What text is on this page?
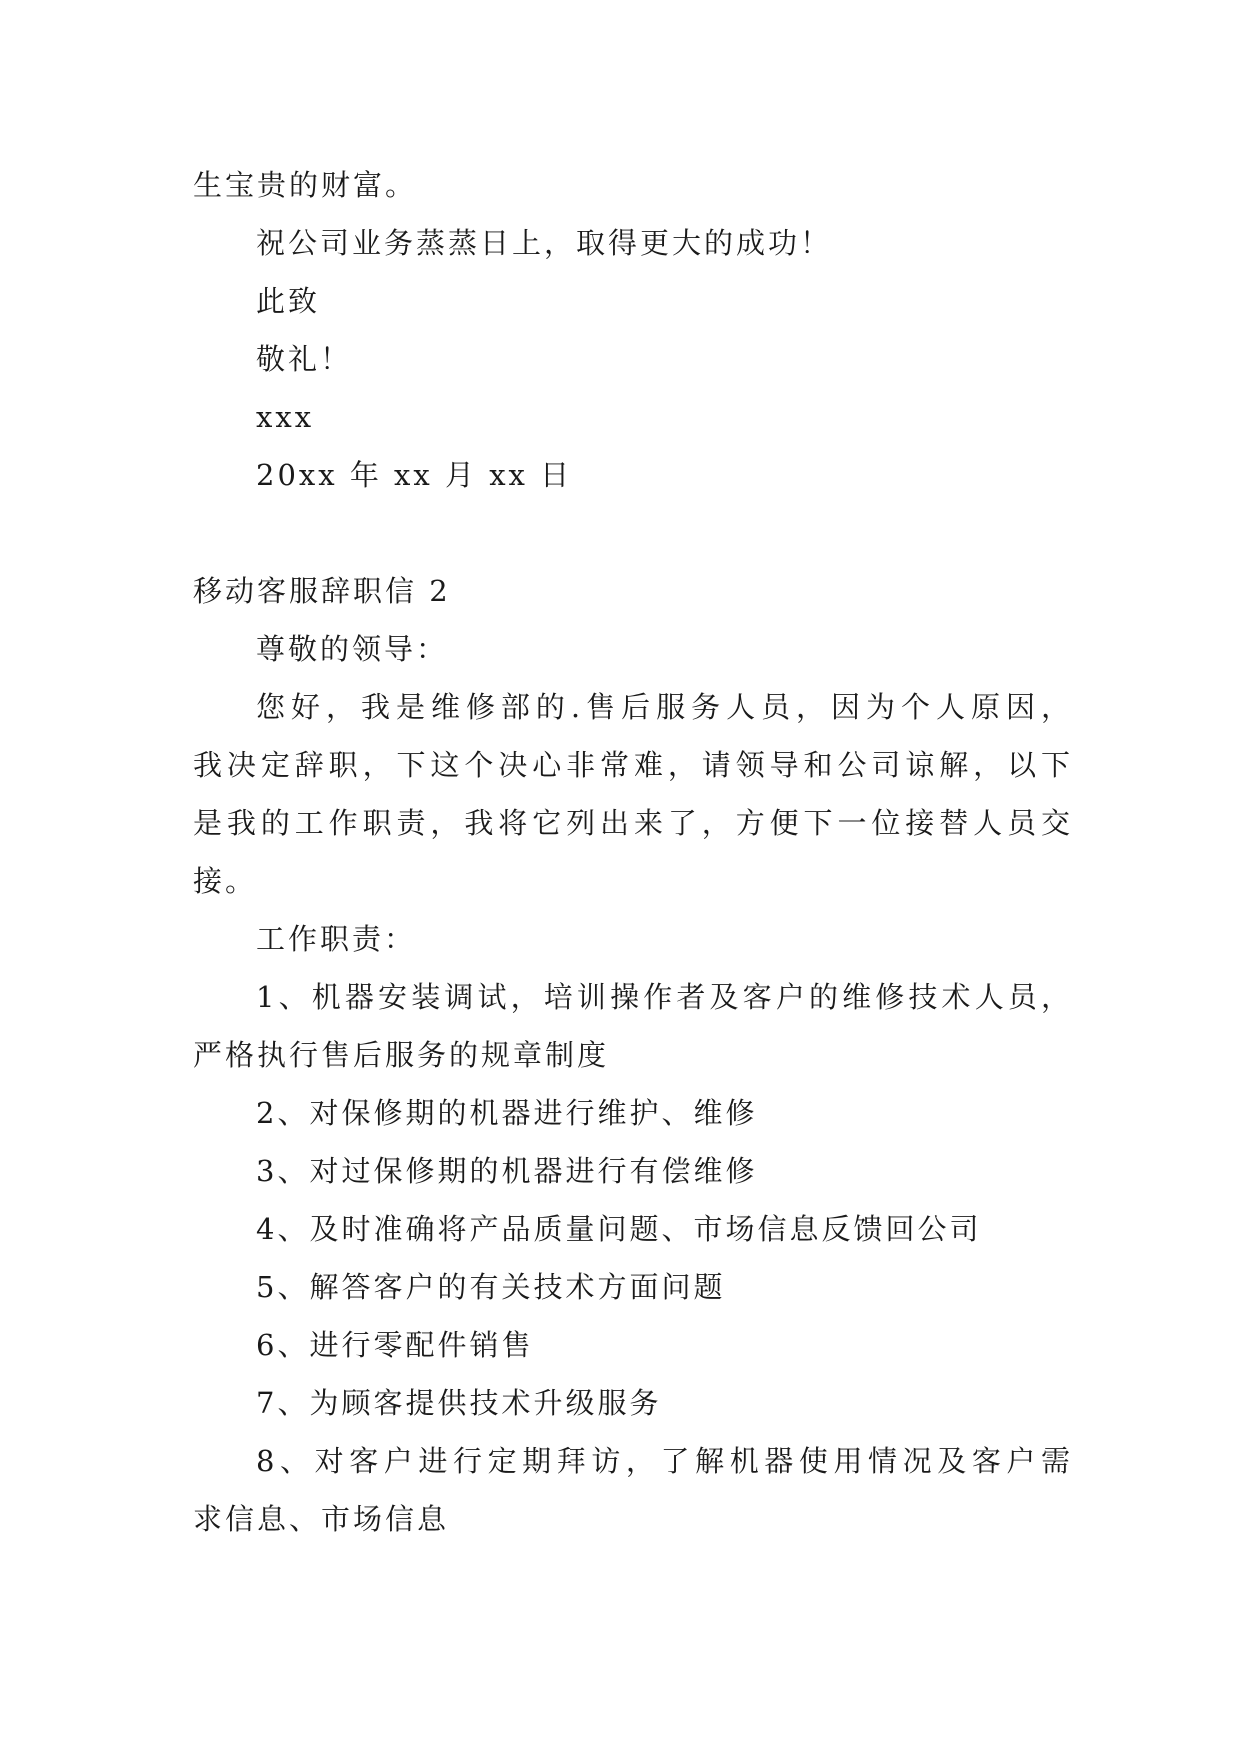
生宝贵的财富。

祝公司业务蒸蒸日上，取得更大的成功！

此致

敬礼！

xxx

20xx 年 xx 月 xx 日

移动客服辞职信 2

尊敬的领导：

您好，我是维修部的.售后服务人员，因为个人原因，

我决定辞职，下这个决心非常难，请领导和公司谅解，以下

是我的工作职责，我将它列出来了，方便下一位接替人员交

接。

工作职责：

1、机器安装调试，培训操作者及客户的维修技术人员，

严格执行售后服务的规章制度

2、对保修期的机器进行维护、维修

3、对过保修期的机器进行有偿维修

4、及时准确将产品质量问题、市场信息反馈回公司

5、解答客户的有关技术方面问题

6、进行零配件销售

7、为顾客提供技术升级服务

8、对客户进行定期拜访，了解机器使用情况及客户需

求信息、市场信息
